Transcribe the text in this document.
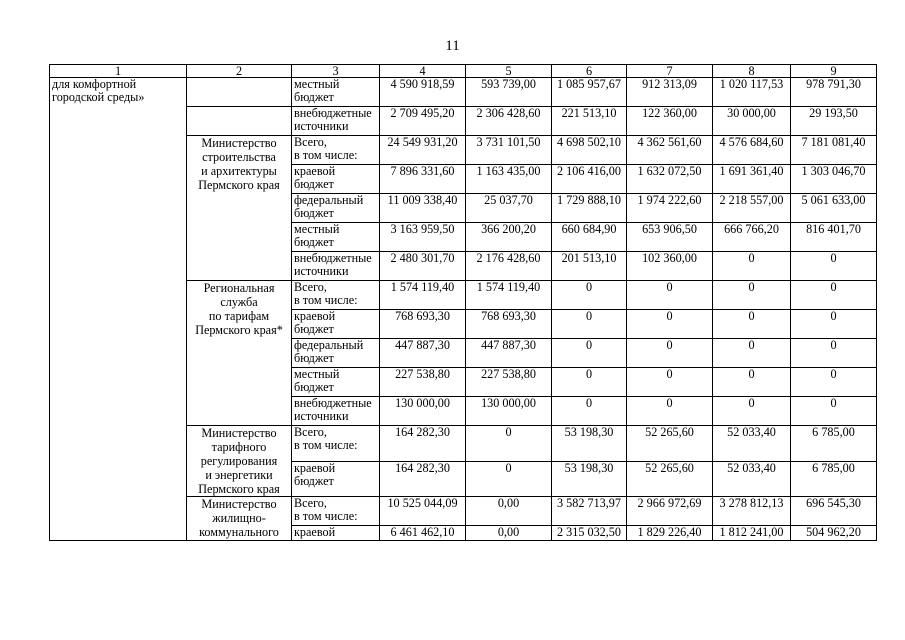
11
1	2	3	4	5	6	7	8	9

для комфортной
городской среды»		местный
бюджет	4 590 918,59	593 739,00	1 085 957,67	912 313,09	1 020 117,53	978 791,30

		внебюджетные
источники	2 709 495,20	2 306 428,60	221 513,10	122 360,00	30 000,00	29 193,50

	Министерство
строительства
и архитектуры
Пермского края	Всего,
в том числе:	24 549 931,20	3 731 101,50	4 698 502,10	4 362 561,60	4 576 684,60	7 181 081,40

		краевой
бюджет	7 896 331,60	1 163 435,00	2 106 416,00	1 632 072,50	1 691 361,40	1 303 046,70

		федеральный
бюджет	11 009 338,40	25 037,70	1 729 888,10	1 974 222,60	2 218 557,00	5 061 633,00

		местный
бюджет	3 163 959,50	366 200,20	660 684,90	653 906,50	666 766,20	816 401,70

		внебюджетные
источники	2 480 301,70	2 176 428,60	201 513,10	102 360,00	0	0

	Региональная
служба
по тарифам
Пермского края*	Всего,
в том числе:	1 574 119,40	1 574 119,40	0	0	0	0

		краевой
бюджет	768 693,30	768 693,30	0	0	0	0

		федеральный
бюджет	447 887,30	447 887,30	0	0	0	0

		местный
бюджет	227 538,80	227 538,80	0	0	0	0

		внебюджетные
источники	130 000,00	130 000,00	0	0	0	0

	Министерство
тарифного
регулирования
и энергетики
Пермского края	Всего,
в том числе:	164 282,30	0	53 198,30	52 265,60	52 033,40	6 785,00

		краевой
бюджет	164 282,30	0	53 198,30	52 265,60	52 033,40	6 785,00

	Министерство
жилищно-
коммунального	Всего,
в том числе:	10 525 044,09	0,00	3 582 713,97	2 966 972,69	3 278 812,13	696 545,30

		краевой	6 461 462,10	0,00	2 315 032,50	1 829 226,40	1 812 241,00	504 962,20
